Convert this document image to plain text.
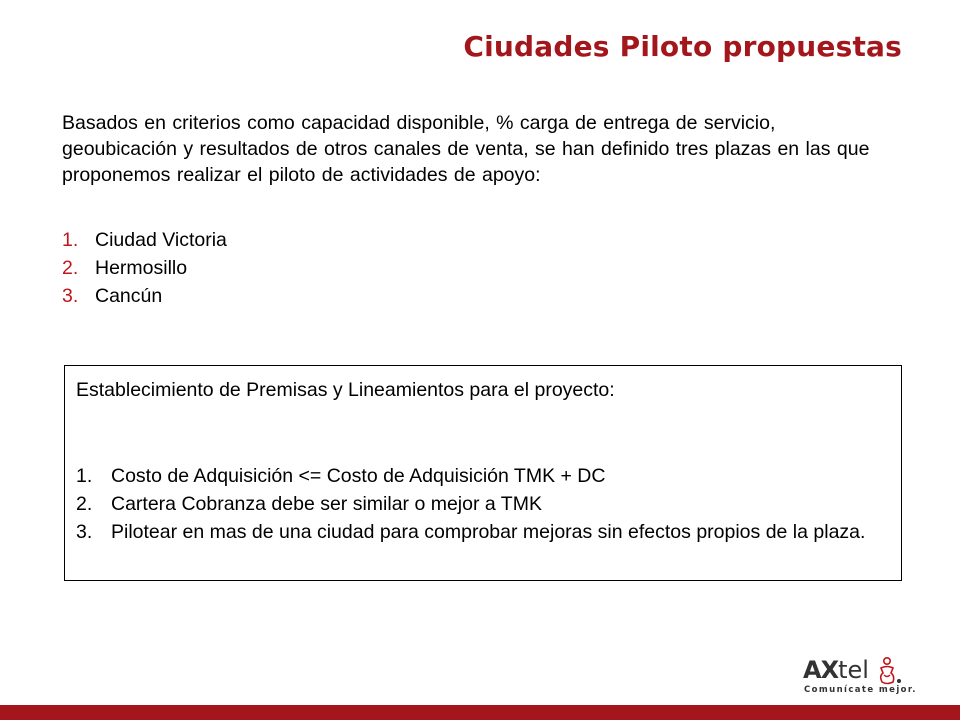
Ciudades Piloto propuestas
Basados en criterios como capacidad disponible, % carga de entrega de servicio, geoubicación y resultados de otros canales de venta, se han definido tres plazas en las que proponemos realizar el piloto de actividades de apoyo:
1. Ciudad Victoria
2. Hermosillo
3. Cancún
Establecimiento de Premisas y Lineamientos para el proyecto:
1. Costo de Adquisición <= Costo de Adquisición TMK + DC
2. Cartera Cobranza debe ser similar o mejor a TMK
3. Pilotear en mas de una ciudad para comprobar mejoras sin efectos propios de la plaza.
AXtel
Comunícate mejor.
